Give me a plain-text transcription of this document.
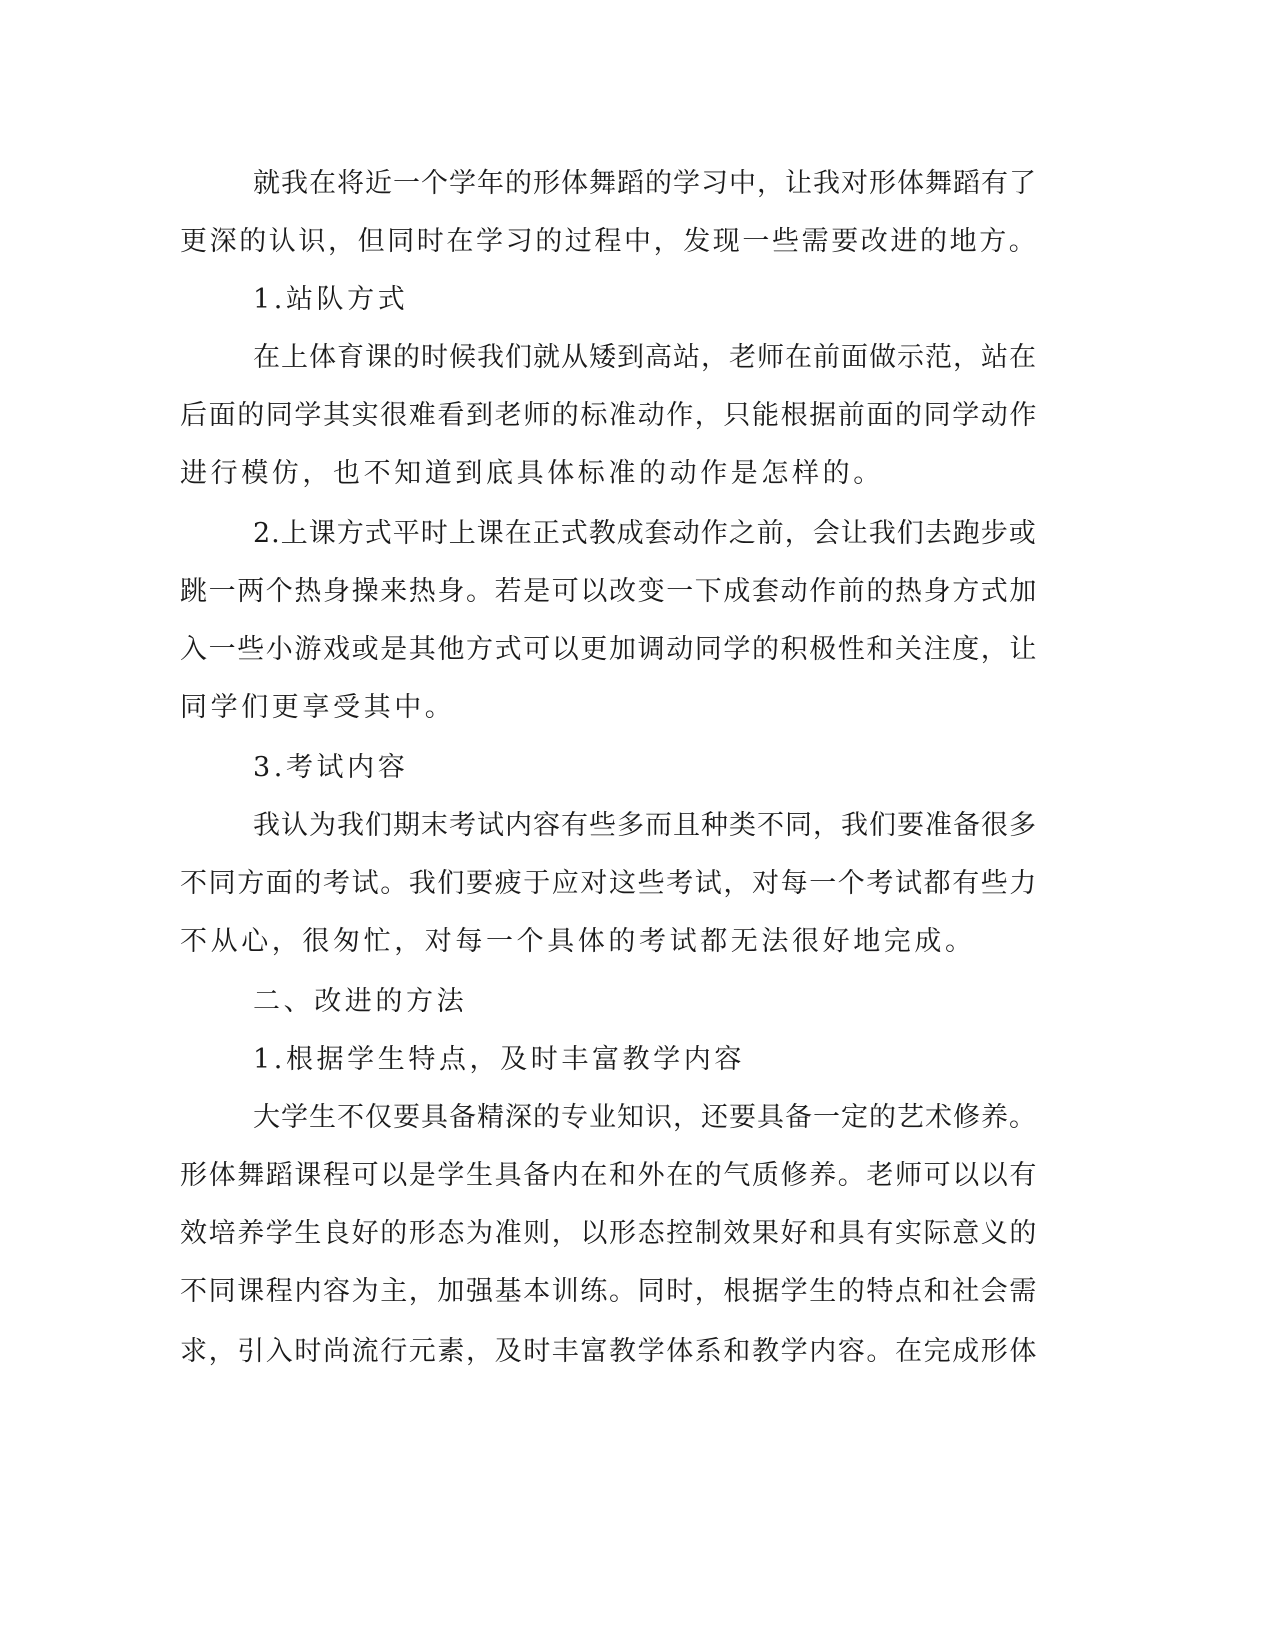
就我在将近一个学年的形体舞蹈的学习中，让我对形体舞蹈有了

更深的认识，但同时在学习的过程中，发现一些需要改进的地方。

1.站队方式

在上体育课的时候我们就从矮到高站，老师在前面做示范，站在

后面的同学其实很难看到老师的标准动作，只能根据前面的同学动作

进行模仿，也不知道到底具体标准的动作是怎样的。

2.上课方式平时上课在正式教成套动作之前，会让我们去跑步或

跳一两个热身操来热身。若是可以改变一下成套动作前的热身方式加

入一些小游戏或是其他方式可以更加调动同学的积极性和关注度，让

同学们更享受其中。

3.考试内容

我认为我们期末考试内容有些多而且种类不同，我们要准备很多

不同方面的考试。我们要疲于应对这些考试，对每一个考试都有些力

不从心，很匆忙，对每一个具体的考试都无法很好地完成。

二、改进的方法

1.根据学生特点，及时丰富教学内容

大学生不仅要具备精深的专业知识，还要具备一定的艺术修养。

形体舞蹈课程可以是学生具备内在和外在的气质修养。老师可以以有

效培养学生良好的形态为准则，以形态控制效果好和具有实际意义的

不同课程内容为主，加强基本训练。同时，根据学生的特点和社会需

求，引入时尚流行元素，及时丰富教学体系和教学内容。在完成形体
